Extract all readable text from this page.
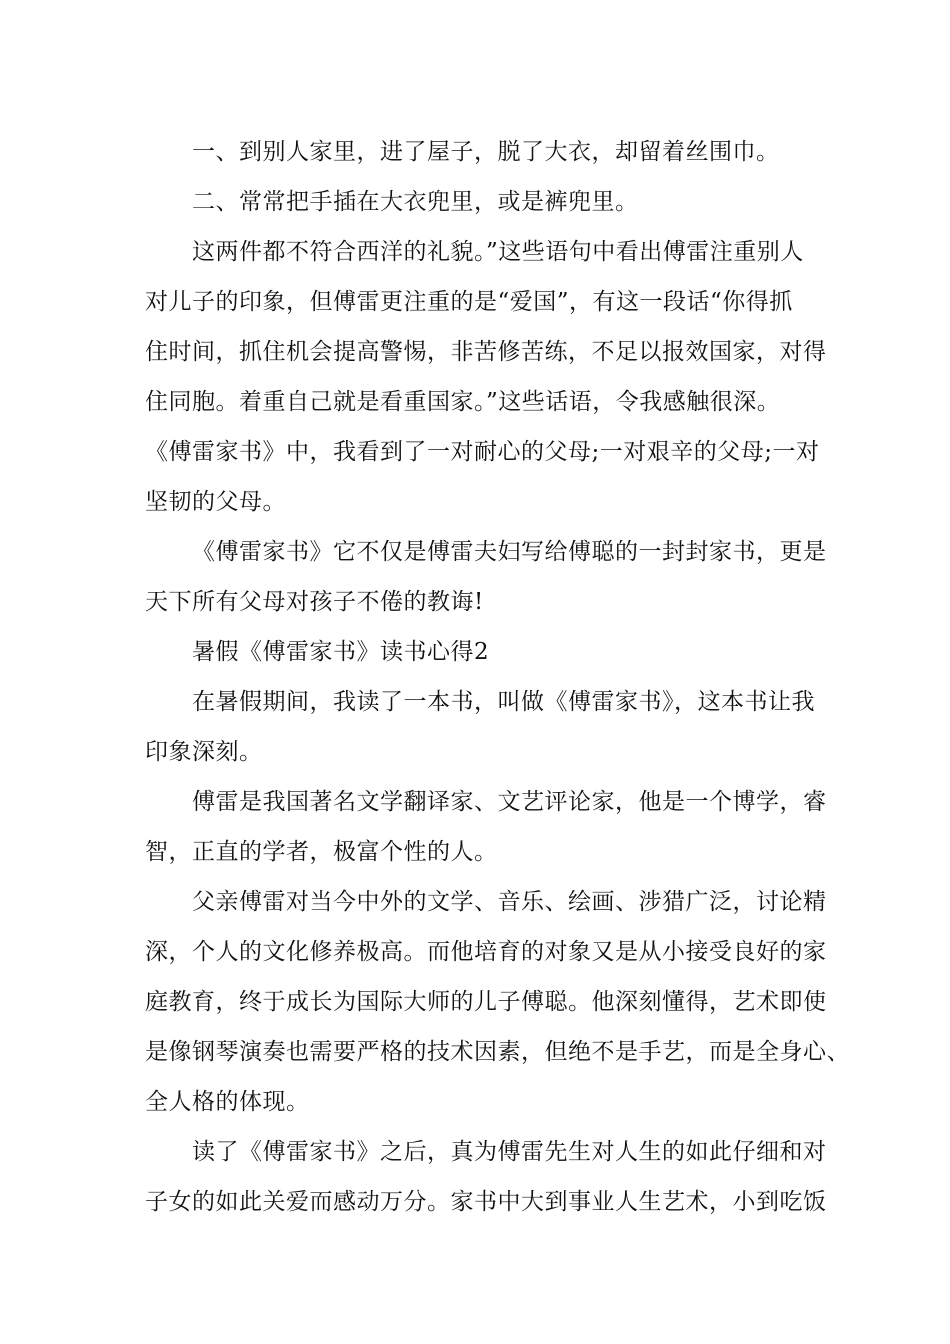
一、到别人家里，进了屋子，脱了大衣，却留着丝围巾。

二、常常把手插在大衣兜里，或是裤兜里。

这两件都不符合西洋的礼貌。”这些语句中看出傅雷注重别人

对儿子的印象，但傅雷更注重的是“爱国”，有这一段话“你得抓

住时间，抓住机会提高警惕，非苦修苦练，不足以报效国家，对得

住同胞。着重自己就是看重国家。”这些话语，令我感触很深。

《傅雷家书》中，我看到了一对耐心的父母;一对艰辛的父母;一对

坚韧的父母。

《傅雷家书》它不仅是傅雷夫妇写给傅聪的一封封家书，更是

天下所有父母对孩子不倦的教诲!

暑假《傅雷家书》读书心得2

在暑假期间，我读了一本书，叫做《傅雷家书》，这本书让我

印象深刻。

傅雷是我国著名文学翻译家、文艺评论家，他是一个博学，睿

智，正直的学者，极富个性的人。

父亲傅雷对当今中外的文学、音乐、绘画、涉猎广泛，讨论精

深，个人的文化修养极高。而他培育的对象又是从小接受良好的家

庭教育，终于成长为国际大师的儿子傅聪。他深刻懂得，艺术即使

是像钢琴演奏也需要严格的技术因素，但绝不是手艺，而是全身心、

全人格的体现。

读了《傅雷家书》之后，真为傅雷先生对人生的如此仔细和对

子女的如此关爱而感动万分。家书中大到事业人生艺术，小到吃饭
